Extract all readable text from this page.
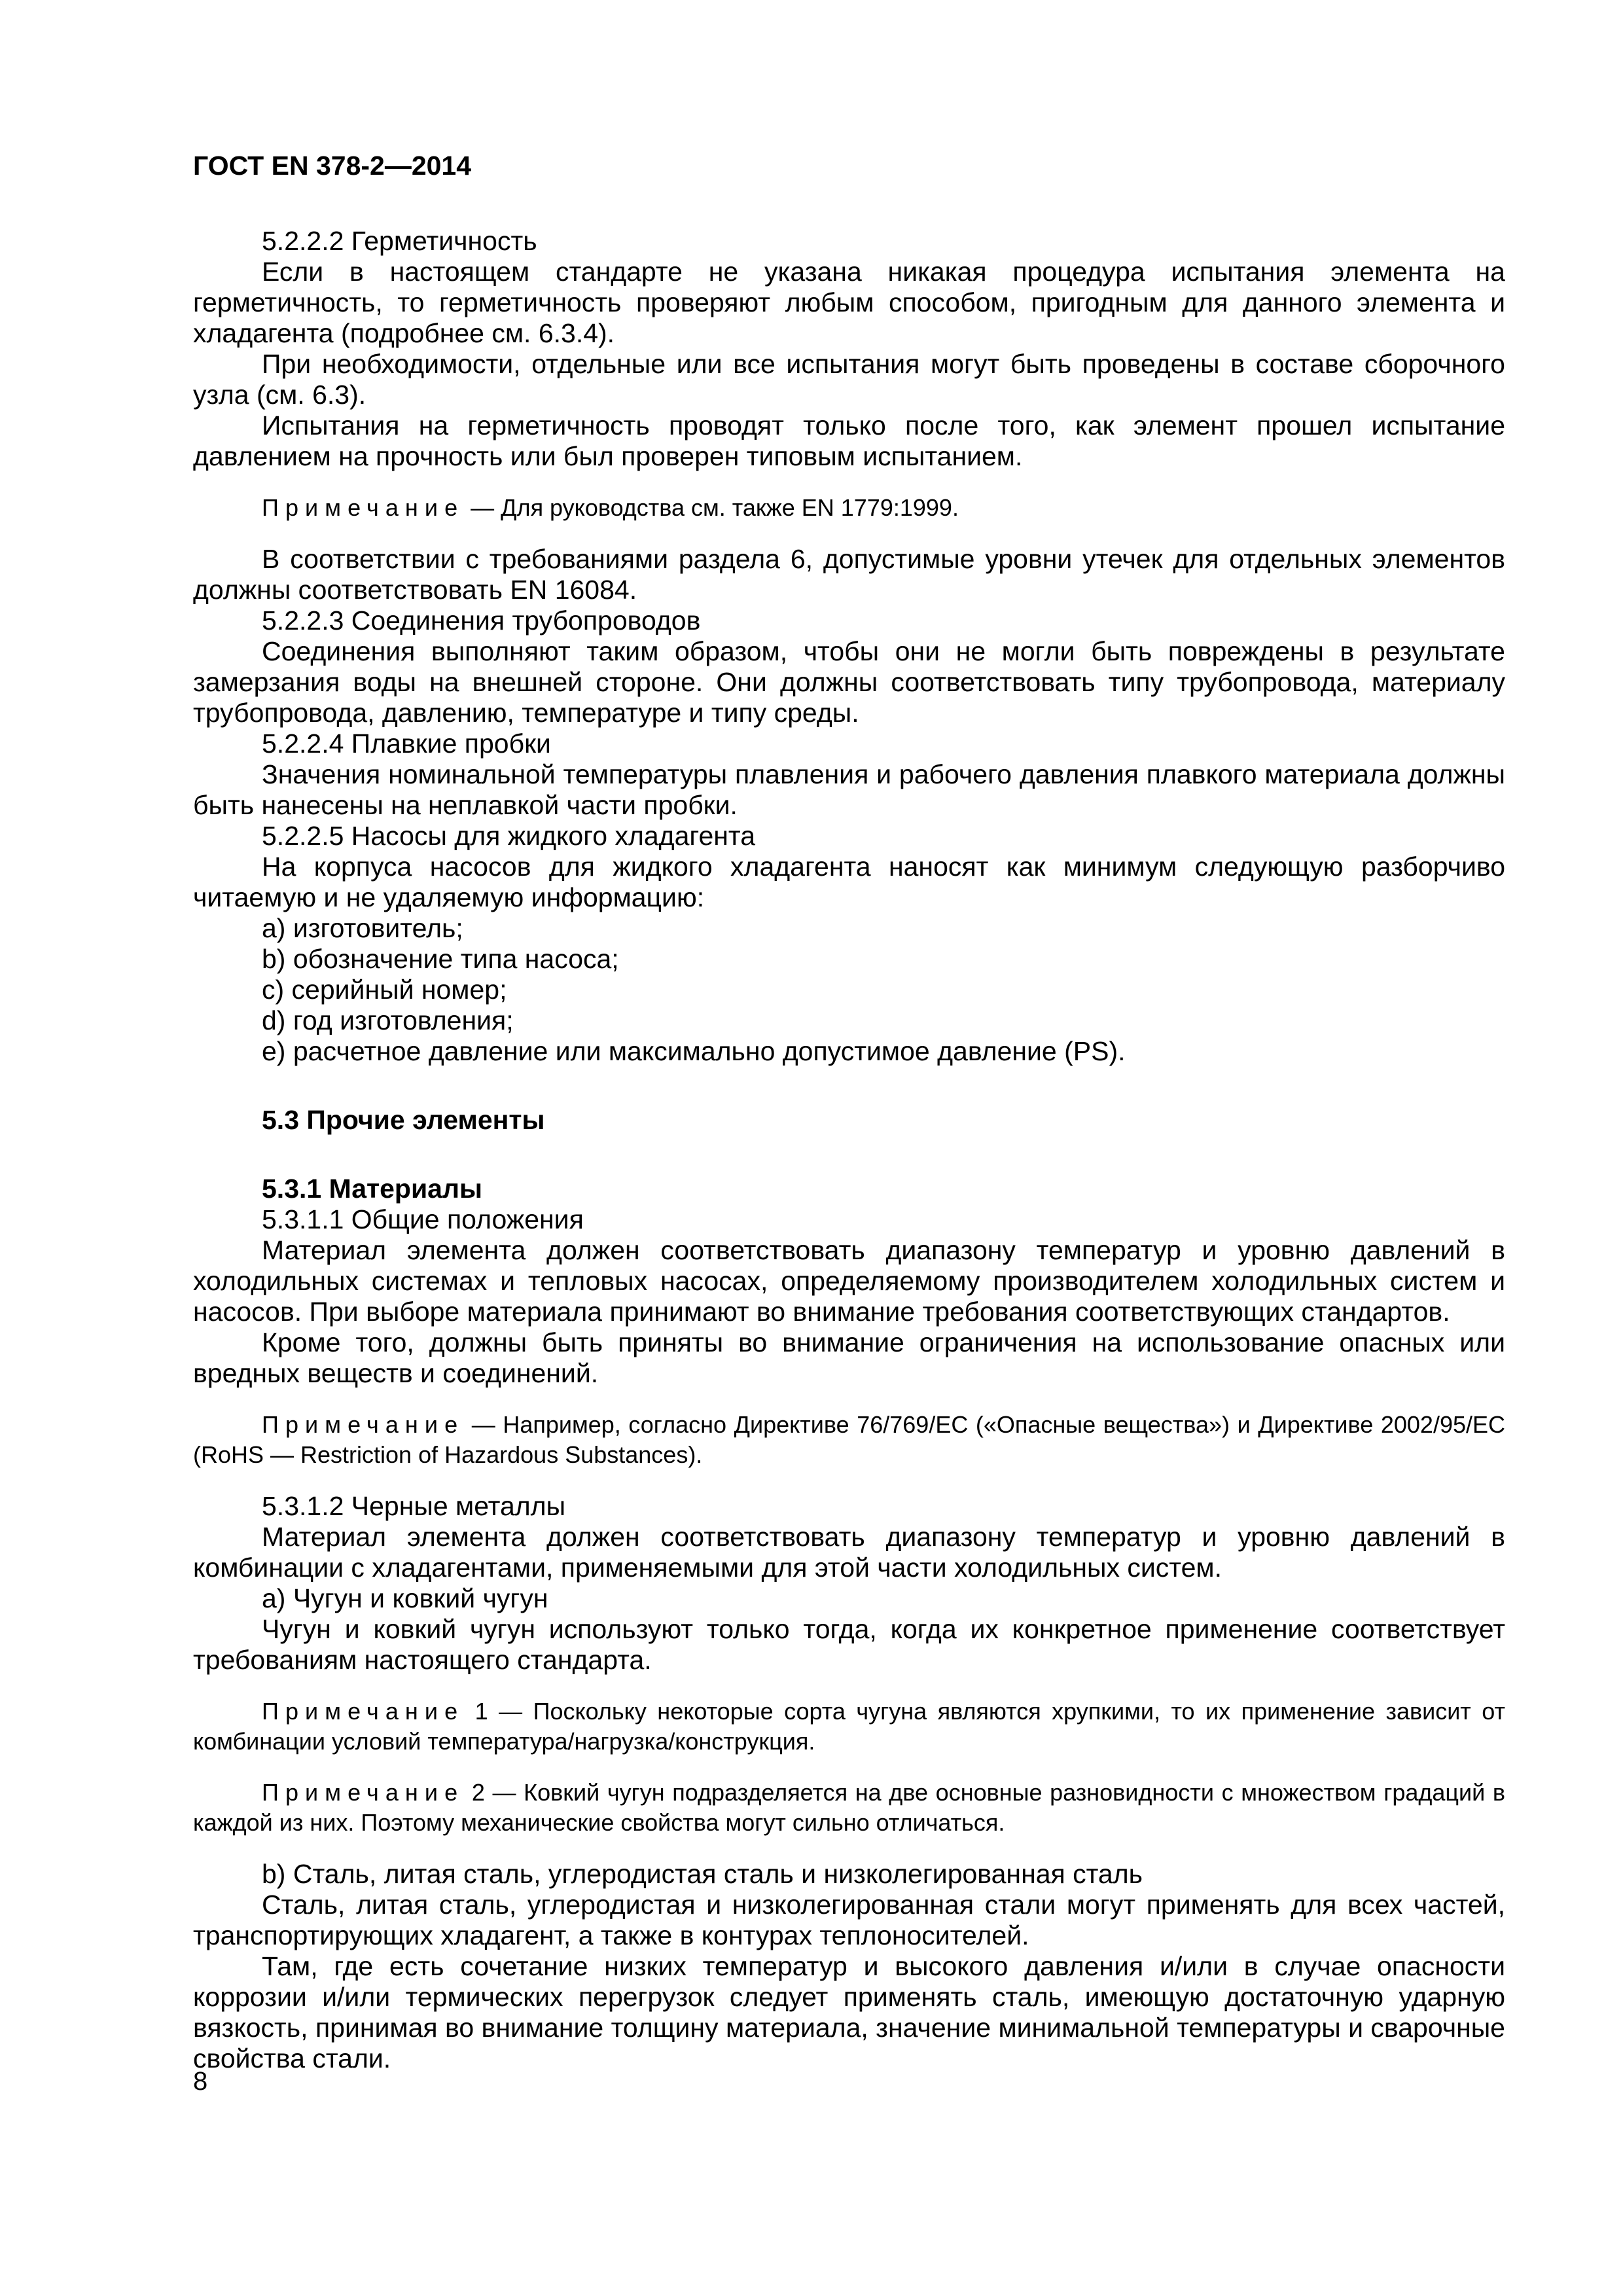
ГОСТ EN 378-2—2014

5.2.2.2 Герметичность

Если в настоящем стандарте не указана никакая процедура испытания элемента на герметичность, то герметичность проверяют любым способом, пригодным для данного элемента и хладагента (подробнее см. 6.3.4).

При необходимости, отдельные или все испытания могут быть проведены в составе сборочного узла (см. 6.3).

Испытания на герметичность проводят только после того, как элемент прошел испытание давлением на прочность или был проверен типовым испытанием.

Примечание — Для руководства см. также EN 1779:1999.

В соответствии с требованиями раздела 6, допустимые уровни утечек для отдельных элементов должны соответствовать EN 16084.

5.2.2.3 Соединения трубопроводов

Соединения выполняют таким образом, чтобы они не могли быть повреждены в результате замерзания воды на внешней стороне. Они должны соответствовать типу трубопровода, материалу трубопровода, давлению, температуре и типу среды.

5.2.2.4 Плавкие пробки

Значения номинальной температуры плавления и рабочего давления плавкого материала должны быть нанесены на неплавкой части пробки.

5.2.2.5 Насосы для жидкого хладагента

На корпуса насосов для жидкого хладагента наносят как минимум следующую разборчиво читаемую и не удаляемую информацию:

a) изготовитель;

b) обозначение типа насоса;

c) серийный номер;

d) год изготовления;

e) расчетное давление или максимально допустимое давление (PS).

5.3 Прочие элементы

5.3.1 Материалы

5.3.1.1 Общие положения

Материал элемента должен соответствовать диапазону температур и уровню давлений в холодильных системах и тепловых насосах, определяемому производителем холодильных систем и насосов. При выборе материала принимают во внимание требования соответствующих стандартов.

Кроме того, должны быть приняты во внимание ограничения на использование опасных или вредных веществ и соединений.

Примечание — Например, согласно Директиве 76/769/ЕС («Опасные вещества») и Директиве 2002/95/ЕС (RoHS — Restriction of Hazardous Substances).

5.3.1.2 Черные металлы

Материал элемента должен соответствовать диапазону температур и уровню давлений в комбинации с хладагентами, применяемыми для этой части холодильных систем.

a) Чугун и ковкий чугун

Чугун и ковкий чугун используют только тогда, когда их конкретное применение соответствует требованиям настоящего стандарта.

Примечание 1 — Поскольку некоторые сорта чугуна являются хрупкими, то их применение зависит от комбинации условий температура/нагрузка/конструкция.

Примечание 2 — Ковкий чугун подразделяется на две основные разновидности с множеством градаций в каждой из них. Поэтому механические свойства могут сильно отличаться.

b) Сталь, литая сталь, углеродистая сталь и низколегированная сталь

Сталь, литая сталь, углеродистая и низколегированная стали могут применять для всех частей, транспортирующих хладагент, а также в контурах теплоносителей.

Там, где есть сочетание низких температур и высокого давления и/или в случае опасности коррозии и/или термических перегрузок следует применять сталь, имеющую достаточную ударную вязкость, принимая во внимание толщину материала, значение минимальной температуры и сварочные свойства стали.

8
